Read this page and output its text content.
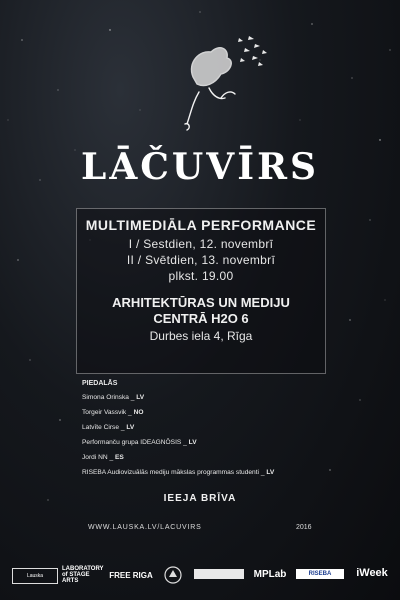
LĀČUVĪRS
MULTIMEDIĀLA PERFORMANCE
I / Sestdien, 12. novembrī
II / Svētdien, 13. novembrī
plkst. 19.00
ARHITEKTŪRAS UN MEDIJU
CENTRĀ H2O 6
Durbes iela 4, Rīga
PIEDALĀS
Simona Orinska _ LV
Torgeir Vassvik _ NO
Latvīte Cirse _ LV
Performanču grupa IDEAGNŌSIS _ LV
Jordi NN _ ES
RISEBA Audiovizuālās mediju mākslas programmas studenti _ LV
IEEJA BRĪVA
WWW.LAUSKA.LV/LACUVIRS	2016
Lauska
LABORATORY of STAGE ARTS
FREE RIGA	MPLab	RISEBA	iWeek
